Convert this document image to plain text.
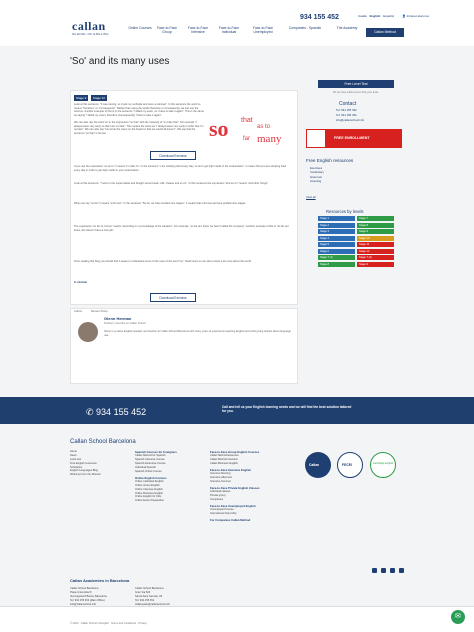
callan
SCHOOL OF ENGLISH
934 155 452	Català English Español	👤 Intranet alumnos
Online Courses	Face-to-Face Group
Face-to-Face Intensive
Face-to-Face Individual
Face-to-Face Unemployed
Companies - Spanish	The Academy
Callan Method
'So' and its many uses
Stage 9	Stage 10
Look at this sentence: "It was raining, so I took my umbrella and wore a raincoat". In this sentence the word so means "therefore" or "consequently". Rather than using the words therefore or consequently, we can use the word so. Another example of this is in the sentence "I failed my exam, so I have to take it again". This is the same as saying "I failed my exam, therefore (consequently) I have to take it again".
We can also use the word 'so' in the expression "so that" with the meaning of "in order that". For example "I always leave very early so that I am not late". This means the same as "I always leave very early in order that I'm not late". We can also say "He wrote the name on the board so that we would all know it". We say that the sentence "so that" is formal.	so that
as to
far many
Download Exercise
If you use the expression "so as to" it means "in order to". In the sentence "I am studying hard every day, so as to get high marks in the examination", it means that you are studying hard every day in order to get high marks in your examination.
Look at this sentence: "I went to the supermarket and bought some bread, milk, cheese and so on". In this sentence the expression "and so on" means "and other things".
When we say "so far" it means "until now". In the sentence "So far, we have studied nine stages", it means that until now we have studied nine stages.
The expression "so far so I know" means "according to my knowledge of the situation". For example, "so far as I know, he hasn't called the company". Another example of this is "As far as I know, she doesn't have a new job".
From reading this blog you should find it easier to understand some of the uses of the word "so". Read more on our site to learn a lot more about the word!
G. Herman
Download Exercise
Author	Recent Posts
Glenn Herman
Profesor y Escritor en Callan School
Glenn is a native English speaker and teacher at Callan School Barcelona with many years of experience teaching English and writing blog articles about language use.
Free Level Test
Do our free online test to find your level.
Contact
Tel: 934 155 452
Tel: 934 155 452
info@callanschool.info
FREE ENROLLMENT
Free English resources
Exercises
Vocabulary
Grammar
Listening
View all
Resources by levels
Stage 1	Stage 7
Stage 2	Stage 8
Stage 3	Stage 9
Stage 4	Stage 10
Stage 5	Stage 11
Stage 6	Stage 12
Stage 7 (1)	Stage 7 (2)
Stage 8	Stage 9
✆ 934 155 452	Call and tell us your English learning needs and we will find the best solution tailored for you.
Callan School Barcelona
Home
News
Level test
Free English resources
Schedules
English Languages Blog
Welcome from the Director
Spanish Courses for foreigners
Callan Method for Spanish
Spanish Intensive Course
Spanish Extensive Course
Individual Spanish
Spanish Online Course
Online English Courses
Online Individual English
Online Group English
Online Intensive English
Online Business English
Online English for Kids
Online Exam Preparation
Face-to-Face Group English Courses
Callan Method Extensive
Callan Method Intensive
Callan Business English
Face-to-Face Intensive English
Intensive Morning
Intensive Afternoon
Intensive Summer
Face-to-Face Private English Classes
Individual classes
Private group
Companies
Face-to-Face Unemployed English
Unemployed Course
International Internship
For Companies Callan Method
Callan	FECEI	Cambridge English
Callan Academies in Barcelona
Callan School Barcelona
Plaça Universitat 5
Via Augusta 8 Barna, Barcelona
Tel: 934 155 452 (Main Office)
info@callanschool.info
Callan School Barcelona
Gran Via 524
Sarria-Sant Gervasi, 03
Tel: 934 155 452
callanspain@callanschool.info
© 2023 · Callan School of English · Terms and Conditions · Privacy
✉
